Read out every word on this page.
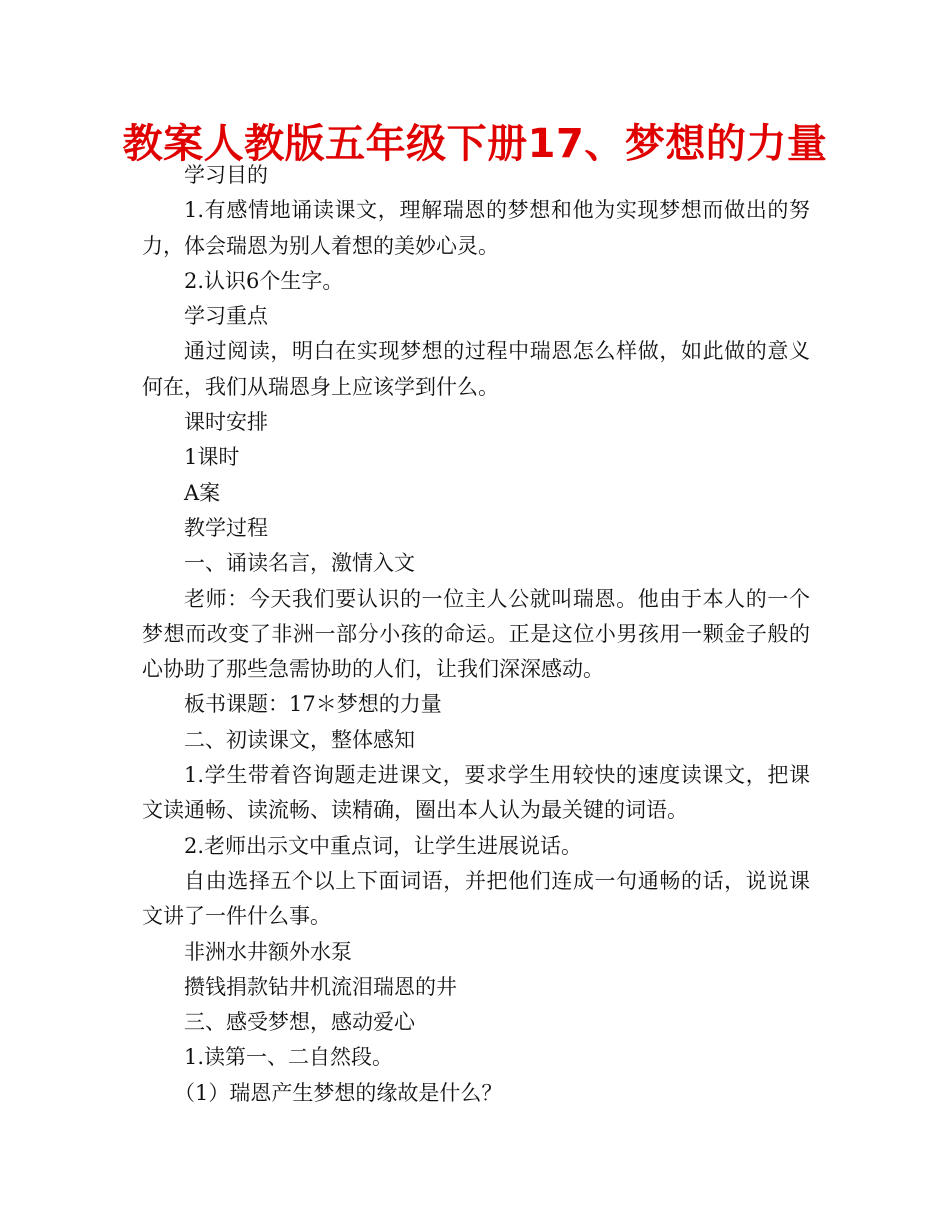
教案人教版五年级下册17、梦想的力量

学习目的

1.有感情地诵读课文，理解瑞恩的梦想和他为实现梦想而做出的努力，体会瑞恩为别人着想的美妙心灵。

2.认识6个生字。

学习重点

通过阅读，明白在实现梦想的过程中瑞恩怎么样做，如此做的意义何在，我们从瑞恩身上应该学到什么。

课时安排

1课时

A案

教学过程

一、诵读名言，激情入文

老师：今天我们要认识的一位主人公就叫瑞恩。他由于本人的一个梦想而改变了非洲一部分小孩的命运。正是这位小男孩用一颗金子般的心协助了那些急需协助的人们，让我们深深感动。

板书课题：17＊梦想的力量

二、初读课文，整体感知

1.学生带着咨询题走进课文，要求学生用较快的速度读课文，把课文读通畅、读流畅、读精确，圈出本人认为最关键的词语。

2.老师出示文中重点词，让学生进展说话。

自由选择五个以上下面词语，并把他们连成一句通畅的话，说说课文讲了一件什么事。

非洲水井额外水泵

攒钱捐款钻井机流泪瑞恩的井

三、感受梦想，感动爱心

1.读第一、二自然段。

（1）瑞恩产生梦想的缘故是什么？
